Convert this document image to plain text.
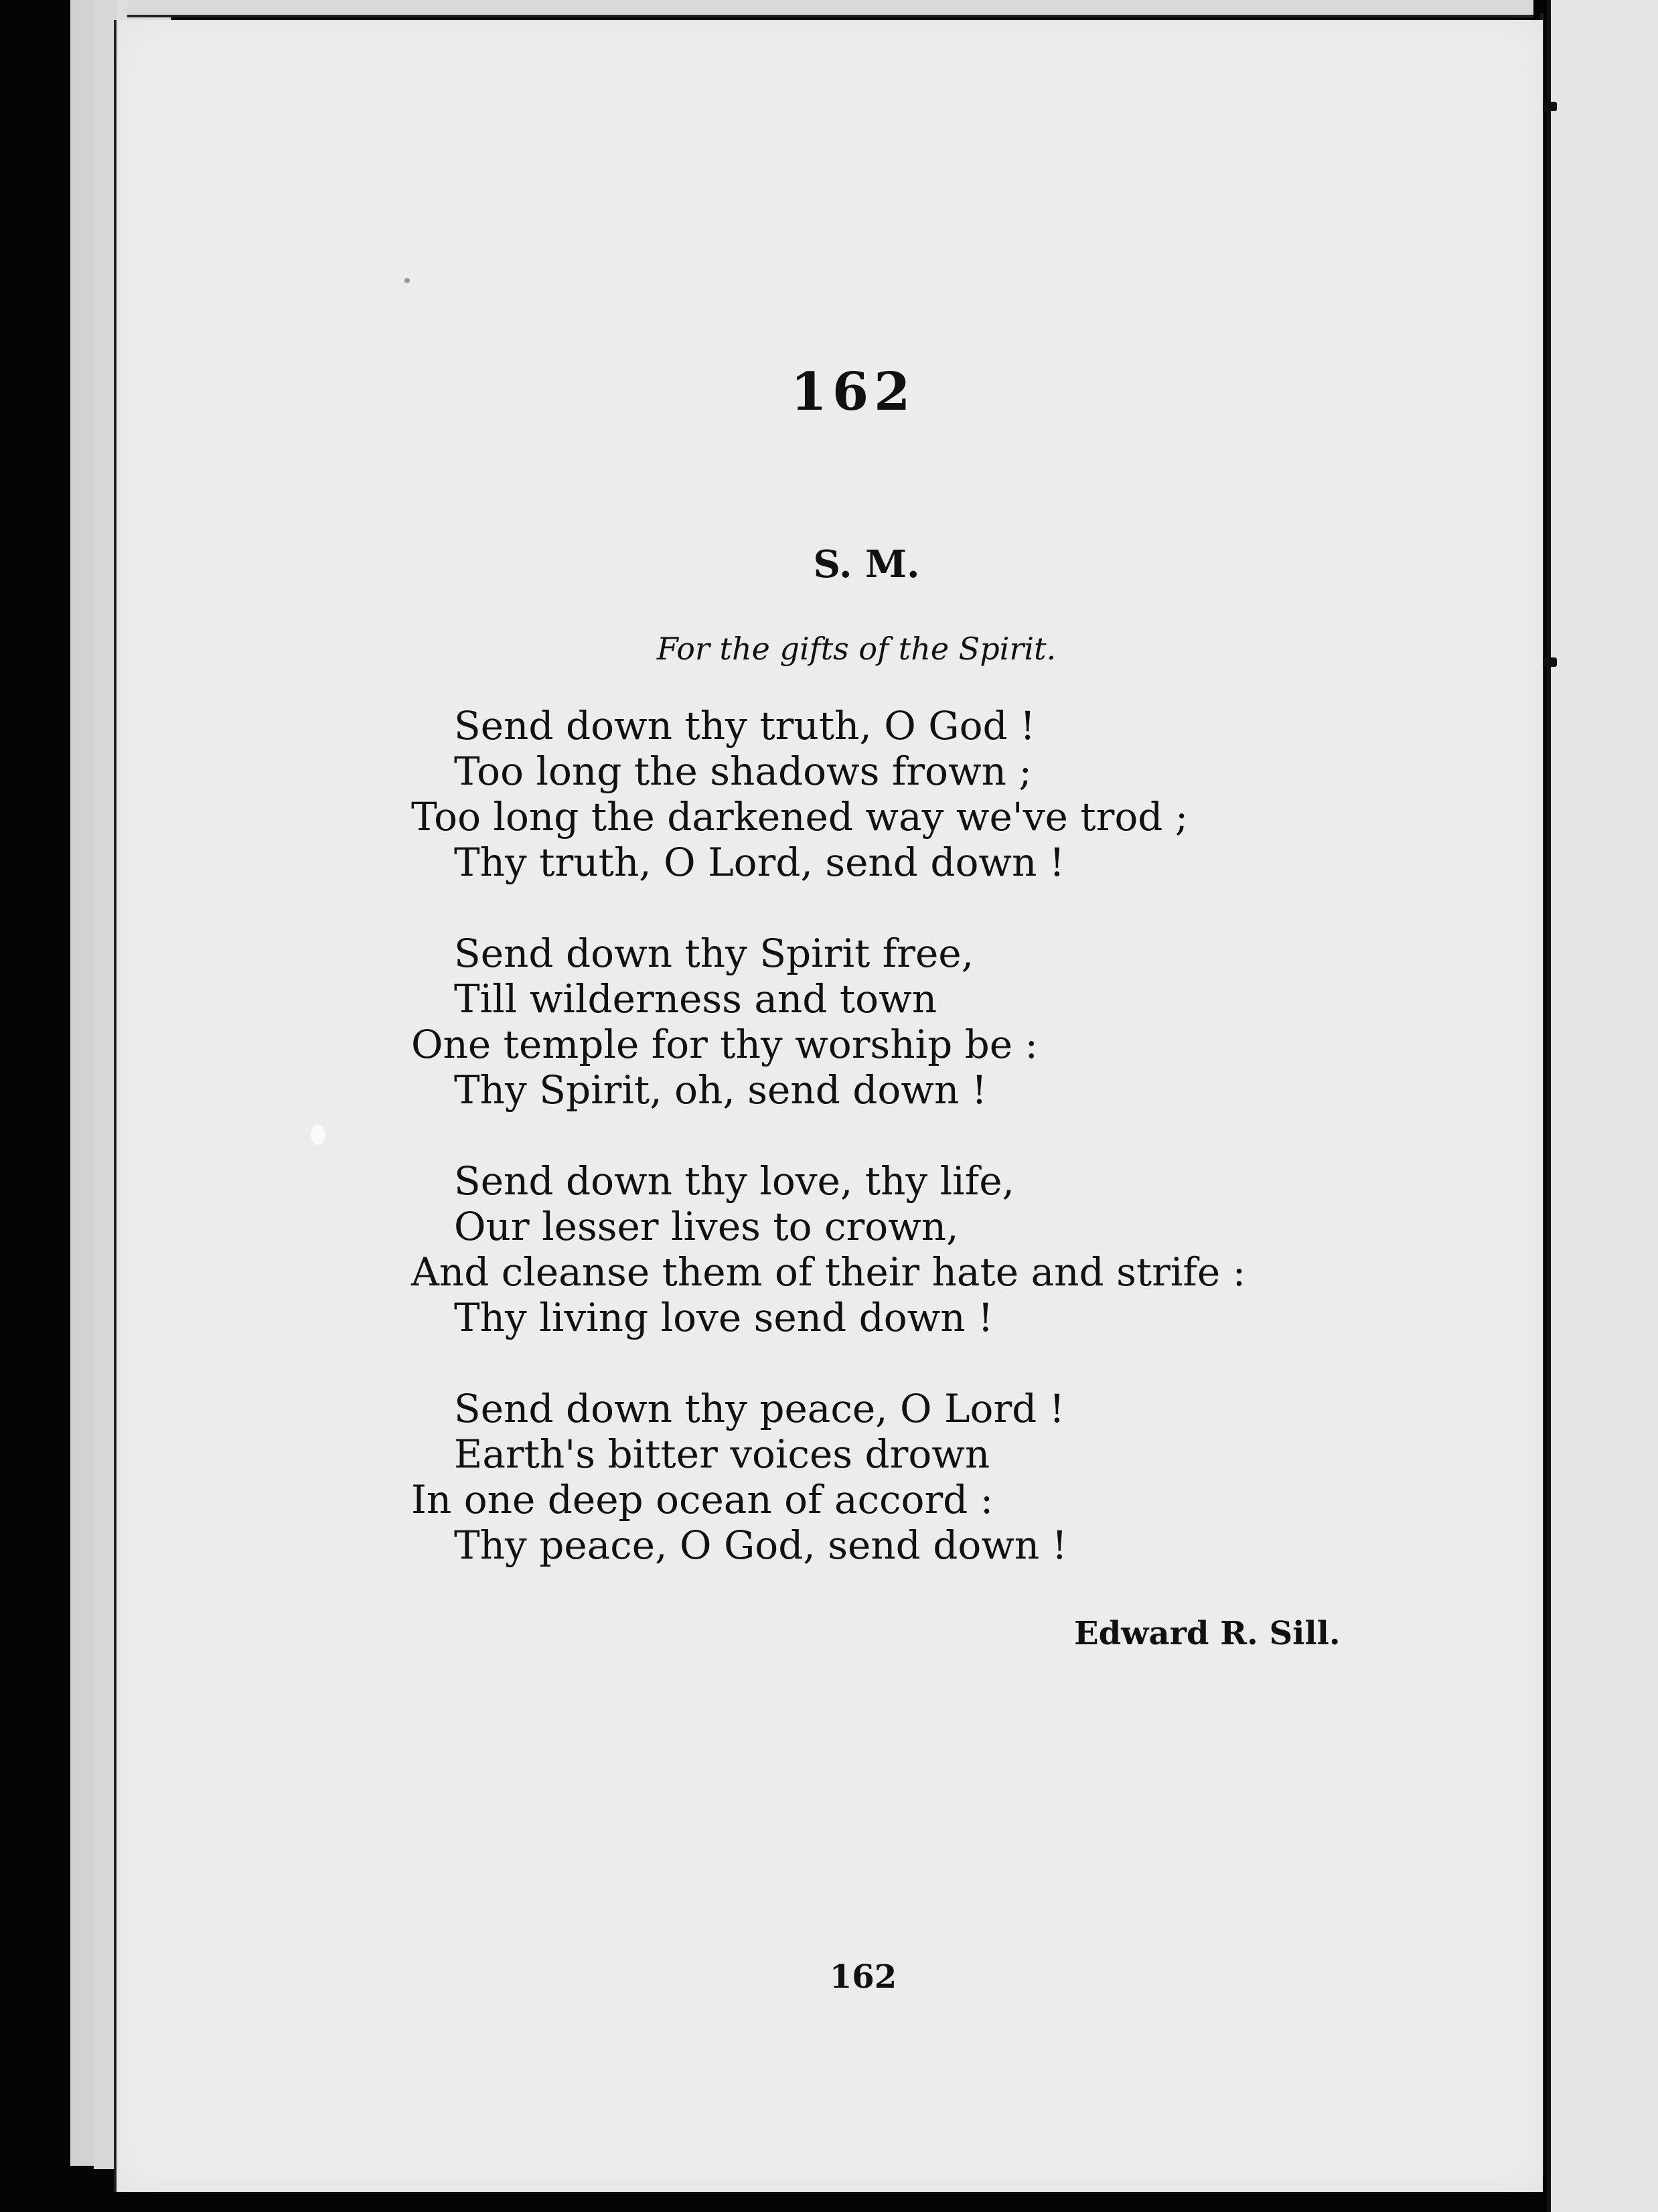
162
S. M.
For the gifts of the Spirit.
Send down thy truth, O God !
Too long the shadows frown ;
Too long the darkened way we've trod ;
Thy truth, O Lord, send down !
Send down thy Spirit free,
Till wilderness and town
One temple for thy worship be :
Thy Spirit, oh, send down !
Send down thy love, thy life,
Our lesser lives to crown,
And cleanse them of their hate and strife :
Thy living love send down !
Send down thy peace, O Lord !
Earth's bitter voices drown
In one deep ocean of accord :
Thy peace, O God, send down !
Edward R. Sill.
162
